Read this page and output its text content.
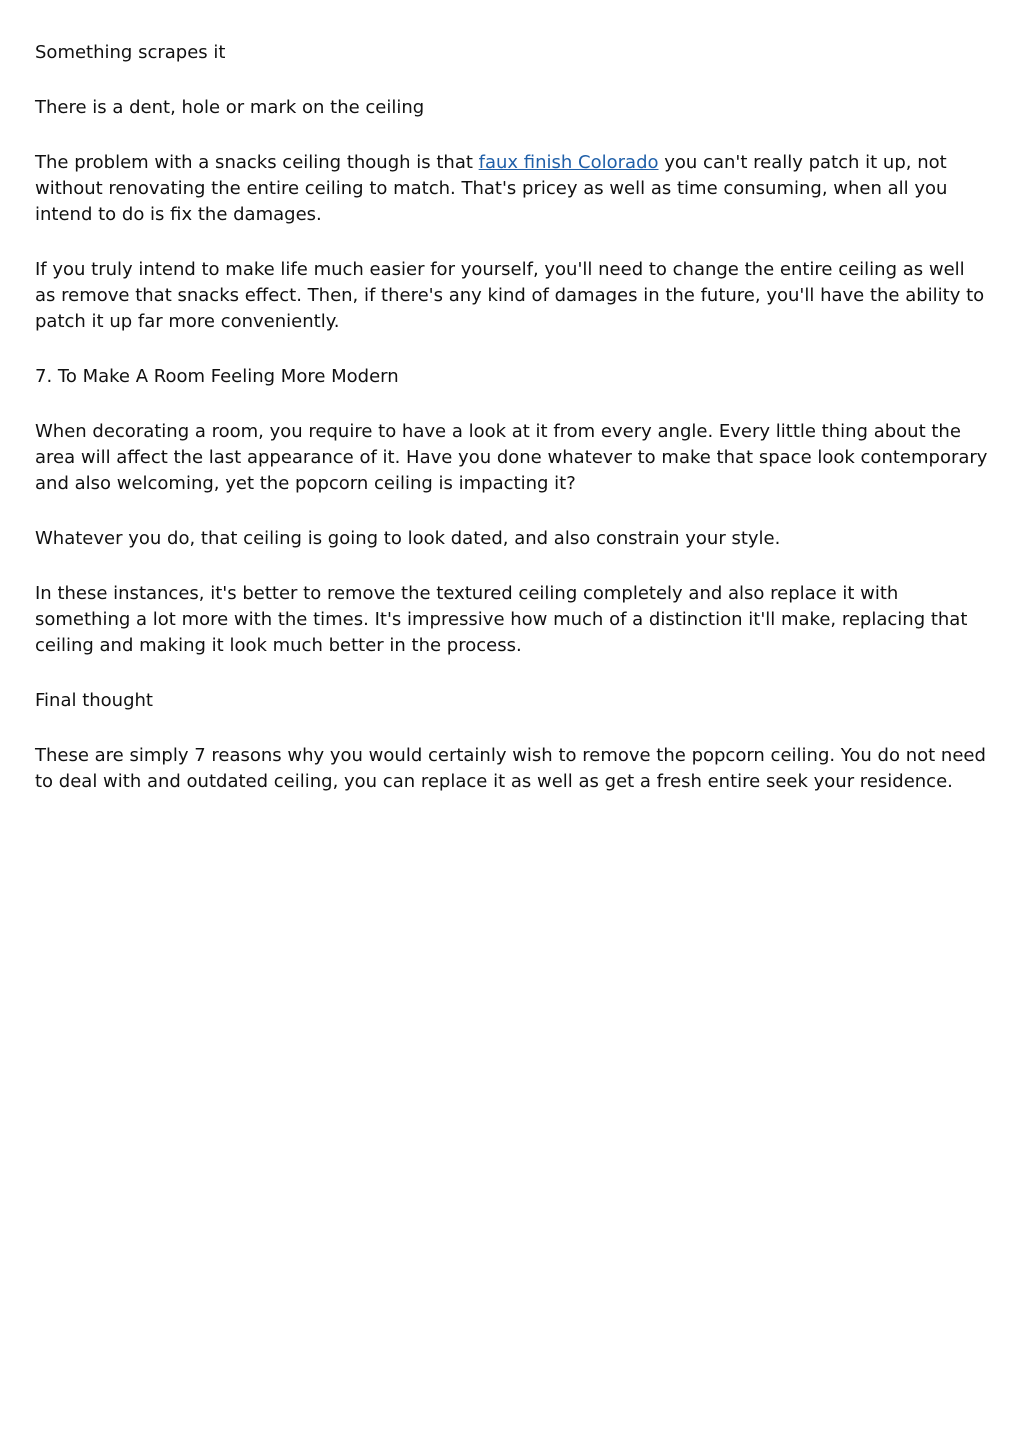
Something scrapes it

There is a dent, hole or mark on the ceiling

The problem with a snacks ceiling though is that faux finish Colorado you can't really patch it up, not without renovating the entire ceiling to match. That's pricey as well as time consuming, when all you intend to do is fix the damages.

If you truly intend to make life much easier for yourself, you'll need to change the entire ceiling as well as remove that snacks effect. Then, if there's any kind of damages in the future, you'll have the ability to patch it up far more conveniently.

7. To Make A Room Feeling More Modern

When decorating a room, you require to have a look at it from every angle. Every little thing about the area will affect the last appearance of it. Have you done whatever to make that space look contemporary and also welcoming, yet the popcorn ceiling is impacting it?

Whatever you do, that ceiling is going to look dated, and also constrain your style.

In these instances, it's better to remove the textured ceiling completely and also replace it with something a lot more with the times. It's impressive how much of a distinction it'll make, replacing that ceiling and making it look much better in the process.

Final thought

These are simply 7 reasons why you would certainly wish to remove the popcorn ceiling. You do not need to deal with and outdated ceiling, you can replace it as well as get a fresh entire seek your residence.
